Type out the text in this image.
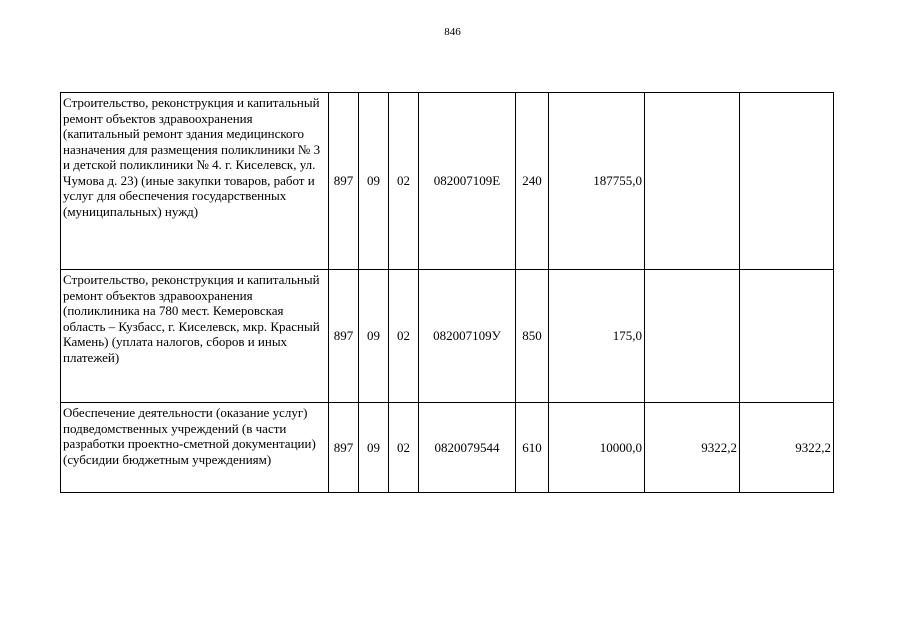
846
Строительство, реконструкция и капитальный ремонт объектов здравоохранения (капитальный ремонт здания медицинского назначения для размещения поликлиники № 3 и детской поликлиники № 4. г. Киселевск, ул. Чумова д. 23) (иные закупки товаров, работ и услуг для обеспечения государственных (муниципальных) нужд)	897	09	02	082007109Е	240	187755,0		
Строительство, реконструкция и капитальный ремонт объектов здравоохранения (поликлиника на 780 мест. Кемеровская область – Кузбасс, г. Киселевск, мкр. Красный Камень) (уплата налогов, сборов и иных платежей)	897	09	02	082007109У	850	175,0		
Обеспечение деятельности (оказание услуг) подведомственных учреждений (в части разработки проектно-сметной документации) (субсидии бюджетным учреждениям)	897	09	02	0820079544	610	10000,0	9322,2	9322,2
